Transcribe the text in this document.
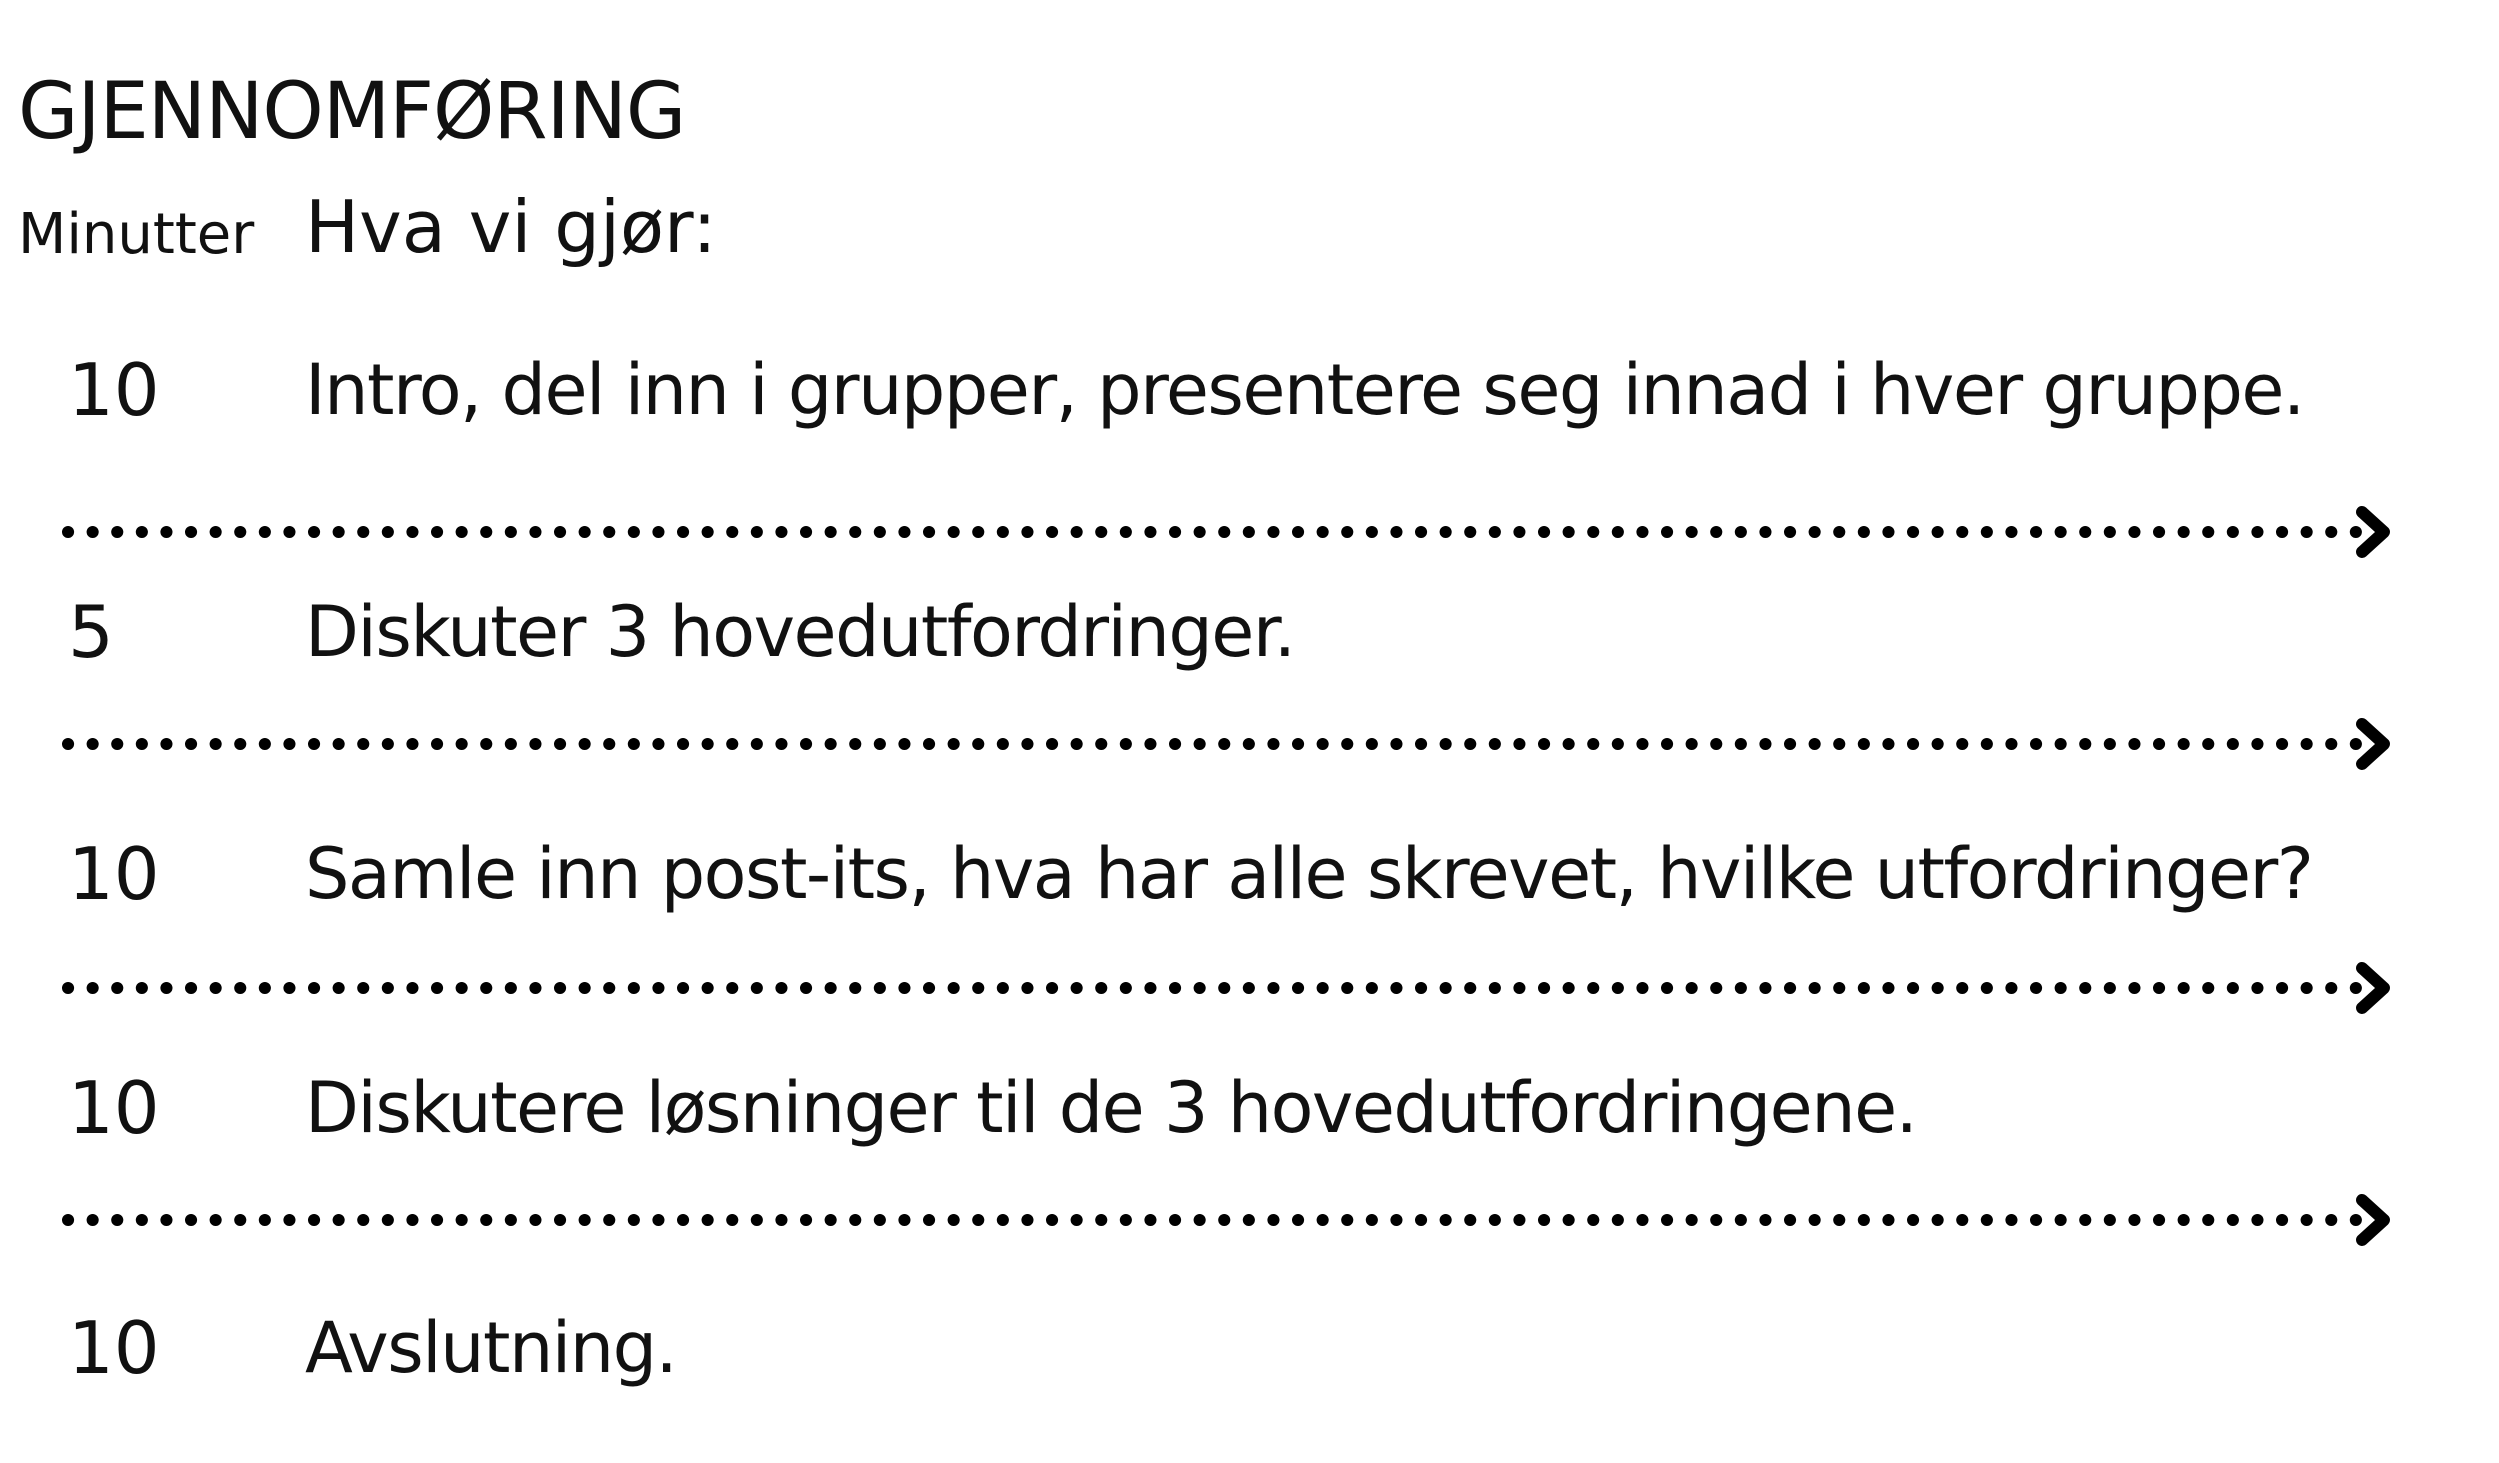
GJENNOMFØRING
Minutter Hva vi gjør:
10 Intro, del inn i grupper, presentere seg innad i hver gruppe.
5	Diskuter 3 hovedutfordringer.
10 Samle inn post-its, hva har alle skrevet, hvilke utfordringer?
10 Diskutere løsninger til de 3 hovedutfordringene.
10 Avslutning.
